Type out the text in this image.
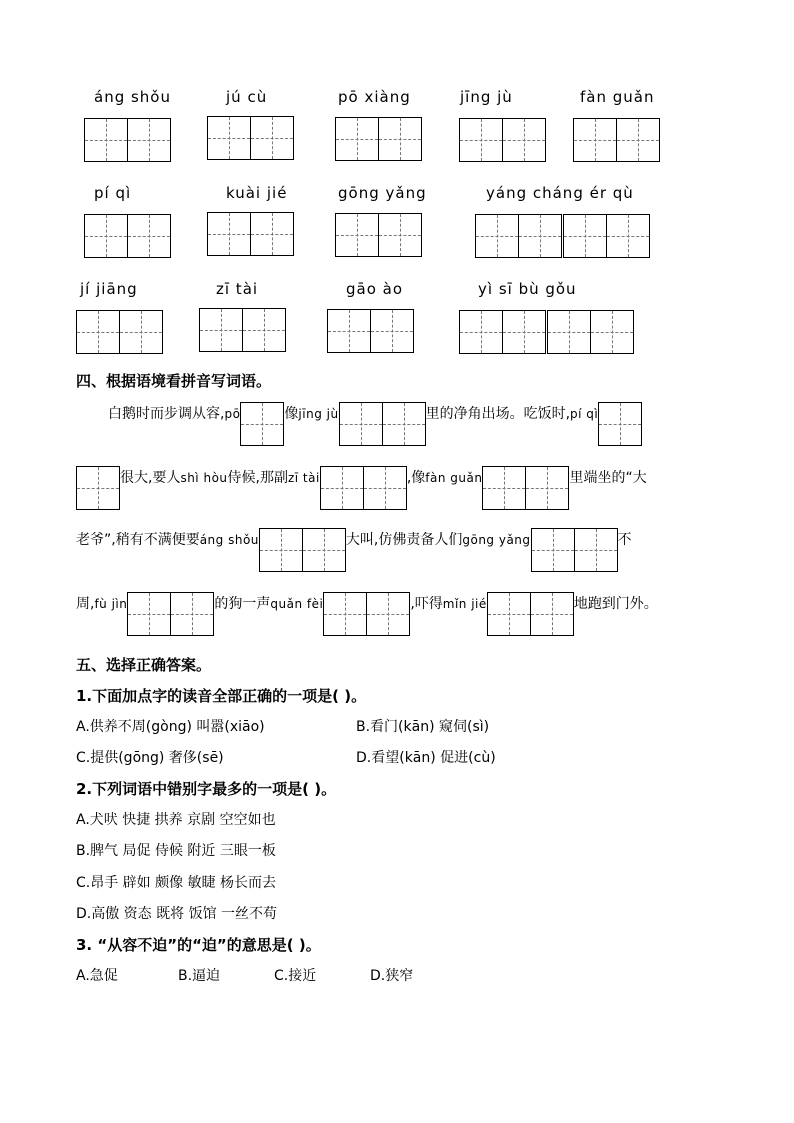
áng shǒu	jú cù	pō xiàng	jīng jù	fàn guǎn
pí qì	kuài jié	gōng yǎng	yáng cháng ér qù
jí jiāng	zī tài	gāo ào	yì sī bù gǒu
四、根据语境看拼音写词语。
白鹅时而步调从容,pō	像jīng jù	里的净角出场。吃饭时,pí qì
很大,要人shì hòu侍候,那副zī tài	,像fàn guǎn	里端坐的“大
老爷”,稍有不满便要áng shǒu	大叫,仿佛责备人们gōng yǎng	不
周,fù jìn	的狗一声quǎn fèi	,吓得mǐn jié	地跑到门外。
五、选择正确答案。
1.下面加点字的读音全部正确的一项是( )。
A.供养不周(gòng) 叫嚣(xiāo)	B.看门(kān) 窥伺(sì)
C.提供(gōng) 奢侈(sē)	D.看望(kān) 促进(cù)
2.下列词语中错别字最多的一项是( )。
A.犬吠 快捷 拱养 京剧 空空如也
B.脾气 局促 侍候 附近 三眼一板
C.昂手 辟如 颇像 敏睫 杨长而去
D.高傲 资态 既将 饭馆 一丝不苟
3. “从容不迫”的“迫”的意思是( )。
A.急促	B.逼迫	C.接近	D.狭窄
